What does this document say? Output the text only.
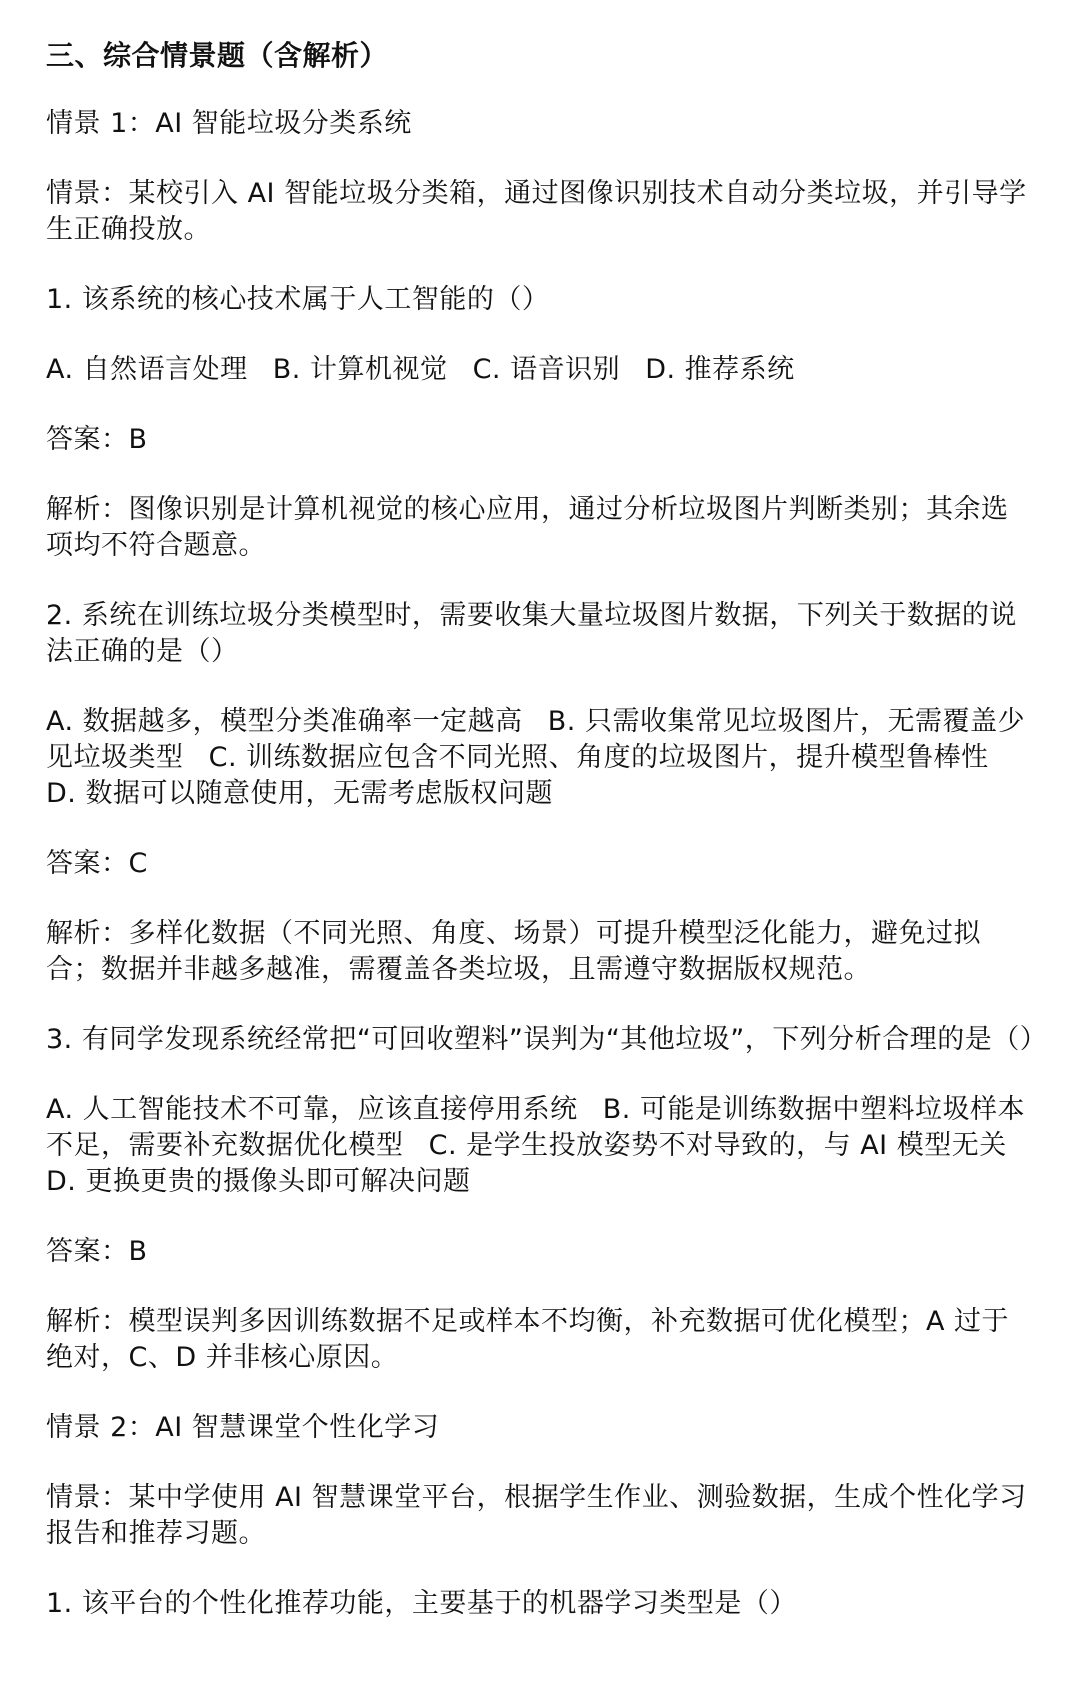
三、综合情景题（含解析）
情景 1：AI 智能垃圾分类系统
情景：某校引入 AI 智能垃圾分类箱，通过图像识别技术自动分类垃圾，并引导学生正确投放。
1. 该系统的核心技术属于人工智能的（）
A. 自然语言处理 B. 计算机视觉 C. 语音识别 D. 推荐系统
答案：B
解析：图像识别是计算机视觉的核心应用，通过分析垃圾图片判断类别；其余选项均不符合题意。
2. 系统在训练垃圾分类模型时，需要收集大量垃圾图片数据，下列关于数据的说法正确的是（）
A. 数据越多，模型分类准确率一定越高 B. 只需收集常见垃圾图片，无需覆盖少见垃圾类型 C. 训练数据应包含不同光照、角度的垃圾图片，提升模型鲁棒性 D. 数据可以随意使用，无需考虑版权问题
答案：C
解析：多样化数据（不同光照、角度、场景）可提升模型泛化能力，避免过拟合；数据并非越多越准，需覆盖各类垃圾，且需遵守数据版权规范。
3. 有同学发现系统经常把“可回收塑料”误判为“其他垃圾”，下列分析合理的是（）
A. 人工智能技术不可靠，应该直接停用系统 B. 可能是训练数据中塑料垃圾样本不足，需要补充数据优化模型 C. 是学生投放姿势不对导致的，与 AI 模型无关 D. 更换更贵的摄像头即可解决问题
答案：B
解析：模型误判多因训练数据不足或样本不均衡，补充数据可优化模型；A 过于绝对，C、D 并非核心原因。
情景 2：AI 智慧课堂个性化学习
情景：某中学使用 AI 智慧课堂平台，根据学生作业、测验数据，生成个性化学习报告和推荐习题。
1. 该平台的个性化推荐功能，主要基于的机器学习类型是（）
